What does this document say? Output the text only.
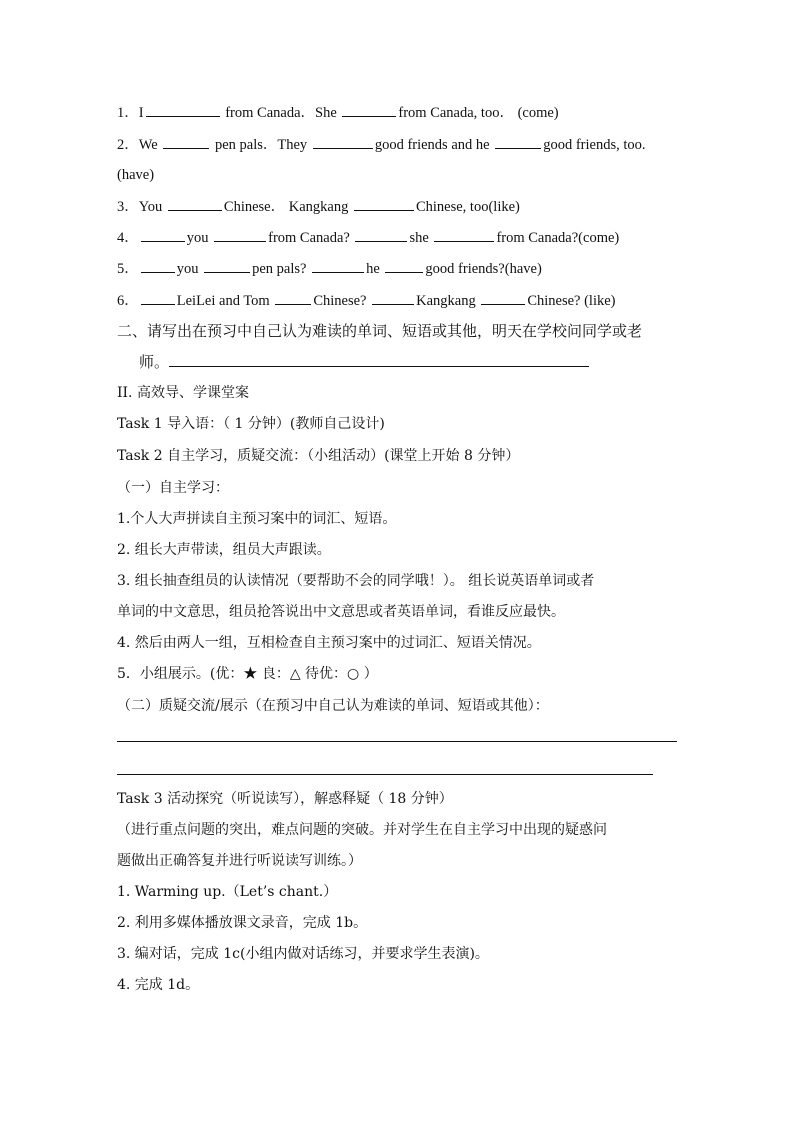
1．I	from Canada．She	from Canada, too． (come)
2．We	pen pals．They	good friends and he	good friends, too.
(have)
3．You	Chinese． Kangkang	Chinese, too(like)
4．	you	from Canada?	she	from Canada?(come)
5．	you	pen pals?	he	good friends?(have)
6．	LeiLei and Tom	Chinese?	Kangkang	Chinese? (like)
二、请写出在预习中自己认为难读的单词、短语或其他，明天在学校问同学或老
师。
II. 高效导、学课堂案
Task 1 导入语：（ 1 分钟）(教师自己设计)
Task 2 自主学习，质疑交流：（小组活动）(课堂上开始 8 分钟）
（一）自主学习：
1.个人大声拼读自主预习案中的词汇、短语。
2. 组长大声带读，组员大声跟读。
3. 组长抽查组员的认读情况（要帮助不会的同学哦！）。 组长说英语单词或者
单词的中文意思，组员抢答说出中文意思或者英语单词，看谁反应最快。
4. 然后由两人一组，互相检查自主预习案中的过词汇、短语关情况。
5．小组展示。(优：★ 良：△ 待优：○ ）
（二）质疑交流/展示（在预习中自己认为难读的单词、短语或其他）：
Task 3 活动探究（听说读写），解惑释疑（ 18 分钟）
（进行重点问题的突出，难点问题的突破。并对学生在自主学习中出现的疑惑问
题做出正确答复并进行听说读写训练。）
1. Warming up.（Let’s chant.）
2. 利用多媒体播放课文录音，完成 1b。
3. 编对话，完成 1c(小组内做对话练习，并要求学生表演)。
4. 完成 1d。
